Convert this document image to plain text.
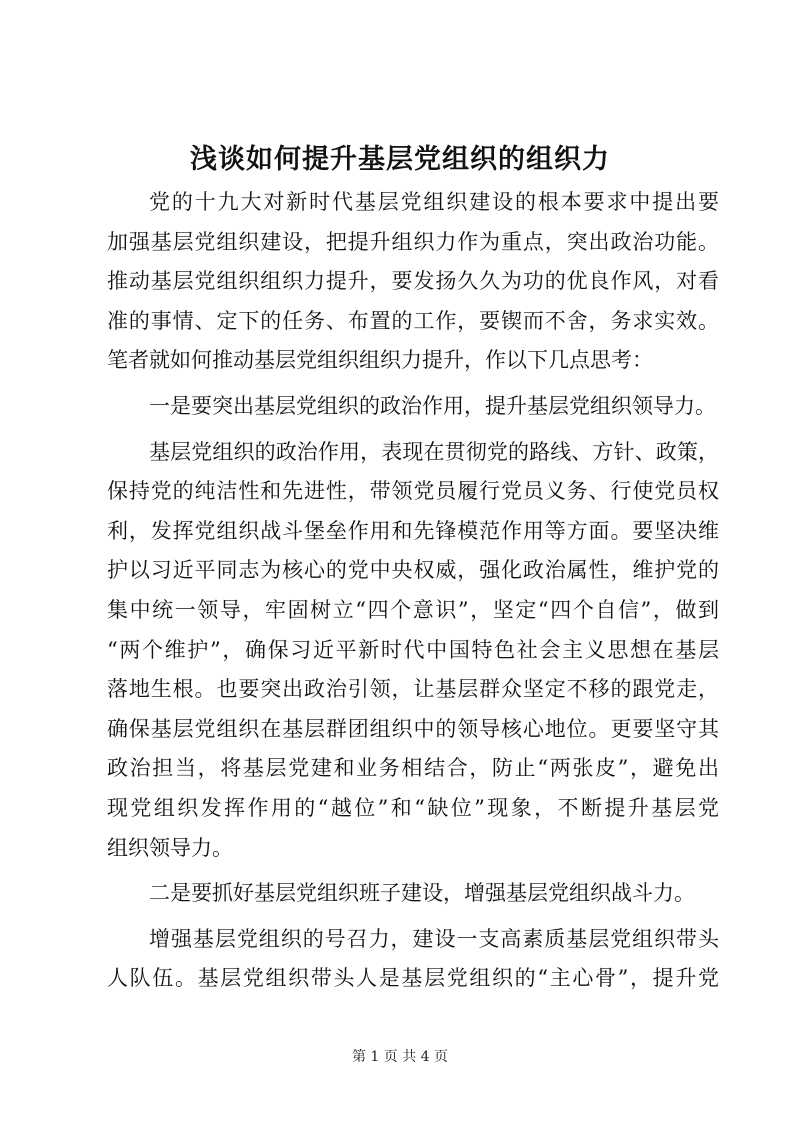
浅谈如何提升基层党组织的组织力
党的十九大对新时代基层党组织建设的根本要求中提出要
加强基层党组织建设，把提升组织力作为重点，突出政治功能。
推动基层党组织组织力提升，要发扬久久为功的优良作风，对看
准的事情、定下的任务、布置的工作，要锲而不舍，务求实效。
笔者就如何推动基层党组织组织力提升，作以下几点思考：
一是要突出基层党组织的政治作用，提升基层党组织领导力。
基层党组织的政治作用，表现在贯彻党的路线、方针、政策，
保持党的纯洁性和先进性，带领党员履行党员义务、行使党员权
利，发挥党组织战斗堡垒作用和先锋模范作用等方面。要坚决维
护以习近平同志为核心的党中央权威，强化政治属性，维护党的
集中统一领导，牢固树立“四个意识”，坚定“四个自信”，做到
“两个维护”，确保习近平新时代中国特色社会主义思想在基层
落地生根。也要突出政治引领，让基层群众坚定不移的跟党走，
确保基层党组织在基层群团组织中的领导核心地位。更要坚守其
政治担当，将基层党建和业务相结合，防止“两张皮”，避免出
现党组织发挥作用的“越位”和“缺位”现象，不断提升基层党
组织领导力。
二是要抓好基层党组织班子建设，增强基层党组织战斗力。
增强基层党组织的号召力，建设一支高素质基层党组织带头
人队伍。基层党组织带头人是基层党组织的“主心骨”，提升党
第 1 页 共 4 页
